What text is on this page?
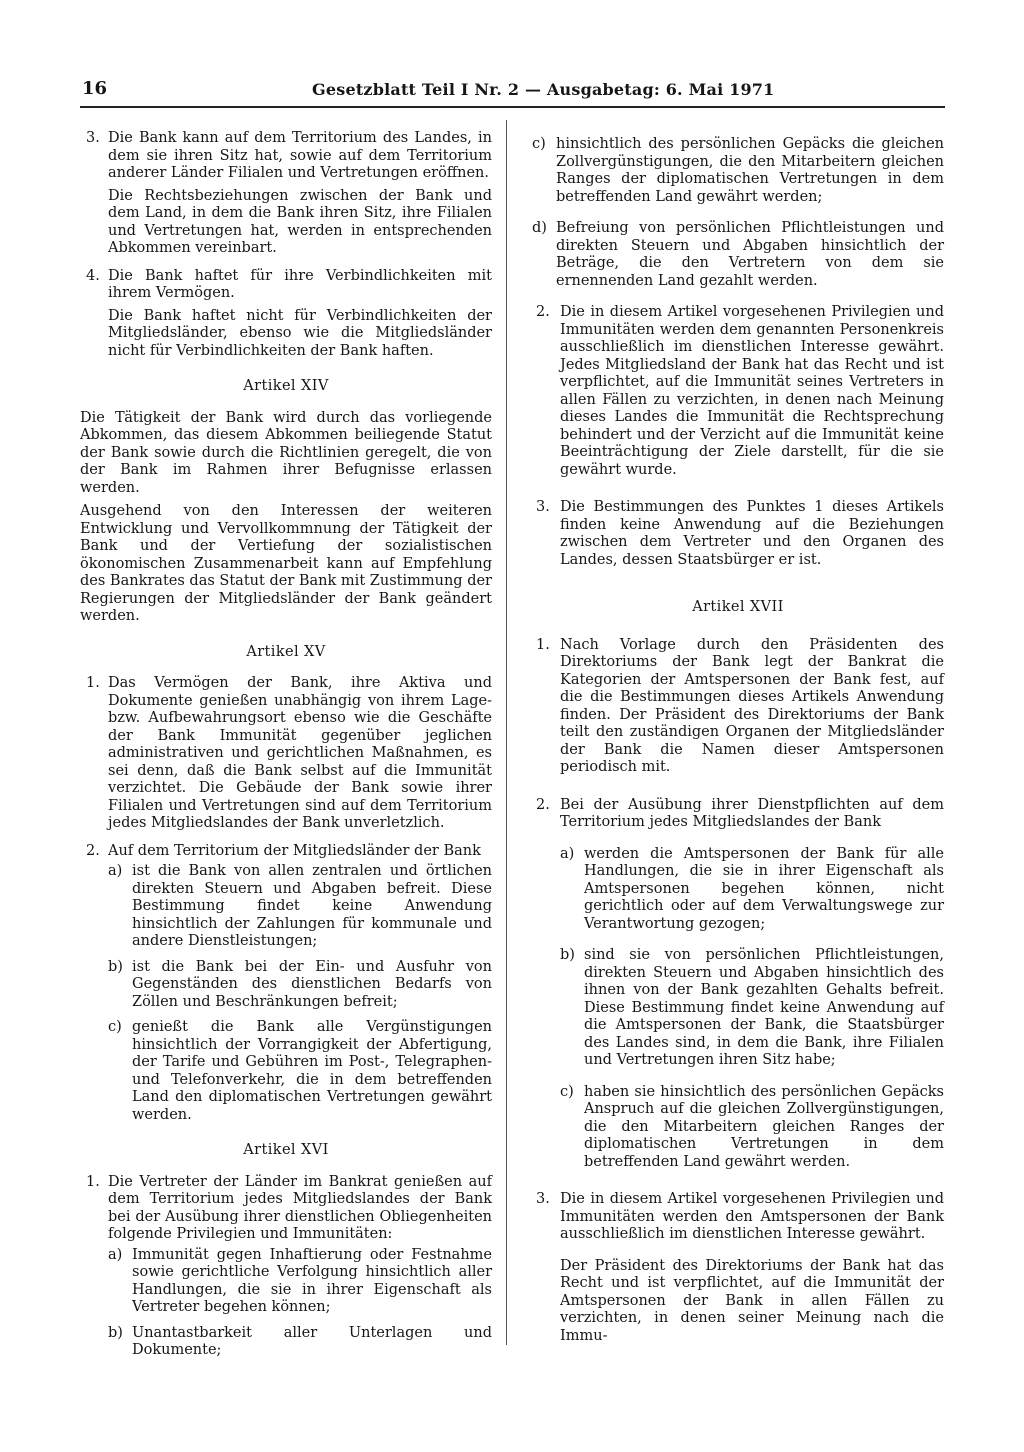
16	Gesetzblatt Teil I Nr. 2 — Ausgabetag: 6. Mai 1971
3. Die Bank kann auf dem Territorium des Landes, in dem sie ihren Sitz hat, sowie auf dem Territorium anderer Länder Filialen und Vertretungen eröffnen.
Die Rechtsbeziehungen zwischen der Bank und dem Land, in dem die Bank ihren Sitz, ihre Filialen und Vertretungen hat, werden in entsprechenden Abkommen vereinbart.
4. Die Bank haftet für ihre Verbindlichkeiten mit ihrem Vermögen.
Die Bank haftet nicht für Verbindlichkeiten der Mitgliedsländer, ebenso wie die Mitgliedsländer nicht für Verbindlichkeiten der Bank haften.
Artikel XIV
Die Tätigkeit der Bank wird durch das vorliegende Abkommen, das diesem Abkommen beiliegende Statut der Bank sowie durch die Richtlinien geregelt, die von der Bank im Rahmen ihrer Befugnisse erlassen werden.
Ausgehend von den Interessen der weiteren Entwicklung und Vervollkommnung der Tätigkeit der Bank und der Vertiefung der sozialistischen ökonomischen Zusammenarbeit kann auf Empfehlung des Bankrates das Statut der Bank mit Zustimmung der Regierungen der Mitgliedsländer der Bank geändert werden.
Artikel XV
1. Das Vermögen der Bank, ihre Aktiva und Dokumente genießen unabhängig von ihrem Lage- bzw. Aufbewahrungsort ebenso wie die Geschäfte der Bank Immunität gegenüber jeglichen administrativen und gerichtlichen Maßnahmen, es sei denn, daß die Bank selbst auf die Immunität verzichtet. Die Gebäude der Bank sowie ihrer Filialen und Vertretungen sind auf dem Territorium jedes Mitgliedslandes der Bank unverletzlich.
2. Auf dem Territorium der Mitgliedsländer der Bank
a) ist die Bank von allen zentralen und örtlichen direkten Steuern und Abgaben befreit. Diese Bestimmung findet keine Anwendung hinsichtlich der Zahlungen für kommunale und andere Dienstleistungen;
b) ist die Bank bei der Ein- und Ausfuhr von Gegenständen des dienstlichen Bedarfs von Zöllen und Beschränkungen befreit;
c) genießt die Bank alle Vergünstigungen hinsichtlich der Vorrangigkeit der Abfertigung, der Tarife und Gebühren im Post-, Telegraphen- und Telefonverkehr, die in dem betreffenden Land den diplomatischen Vertretungen gewährt werden.
Artikel XVI
1. Die Vertreter der Länder im Bankrat genießen auf dem Territorium jedes Mitgliedslandes der Bank bei der Ausübung ihrer dienstlichen Obliegenheiten folgende Privilegien und Immunitäten:
a) Immunität gegen Inhaftierung oder Festnahme sowie gerichtliche Verfolgung hinsichtlich aller Handlungen, die sie in ihrer Eigenschaft als Vertreter begehen können;
b) Unantastbarkeit aller Unterlagen und Dokumente;
c) hinsichtlich des persönlichen Gepäcks die gleichen Zollvergünstigungen, die den Mitarbeitern gleichen Ranges der diplomatischen Vertretungen in dem betreffenden Land gewährt werden;
d) Befreiung von persönlichen Pflichtleistungen und direkten Steuern und Abgaben hinsichtlich der Beträge, die den Vertretern von dem sie ernennenden Land gezahlt werden.
2. Die in diesem Artikel vorgesehenen Privilegien und Immunitäten werden dem genannten Personenkreis ausschließlich im dienstlichen Interesse gewährt. Jedes Mitgliedsland der Bank hat das Recht und ist verpflichtet, auf die Immunität seines Vertreters in allen Fällen zu verzichten, in denen nach Meinung dieses Landes die Immunität die Rechtsprechung behindert und der Verzicht auf die Immunität keine Beeinträchtigung der Ziele darstellt, für die sie gewährt wurde.
3. Die Bestimmungen des Punktes 1 dieses Artikels finden keine Anwendung auf die Beziehungen zwischen dem Vertreter und den Organen des Landes, dessen Staatsbürger er ist.
Artikel XVII
1. Nach Vorlage durch den Präsidenten des Direktoriums der Bank legt der Bankrat die Kategorien der Amtspersonen der Bank fest, auf die die Bestimmungen dieses Artikels Anwendung finden. Der Präsident des Direktoriums der Bank teilt den zuständigen Organen der Mitgliedsländer der Bank die Namen dieser Amtspersonen periodisch mit.
2. Bei der Ausübung ihrer Dienstpflichten auf dem Territorium jedes Mitgliedslandes der Bank
a) werden die Amtspersonen der Bank für alle Handlungen, die sie in ihrer Eigenschaft als Amtspersonen begehen können, nicht gerichtlich oder auf dem Verwaltungswege zur Verantwortung gezogen;
b) sind sie von persönlichen Pflichtleistungen, direkten Steuern und Abgaben hinsichtlich des ihnen von der Bank gezahlten Gehalts befreit. Diese Bestimmung findet keine Anwendung auf die Amtspersonen der Bank, die Staatsbürger des Landes sind, in dem die Bank, ihre Filialen und Vertretungen ihren Sitz habe;
c) haben sie hinsichtlich des persönlichen Gepäcks Anspruch auf die gleichen Zollvergünstigungen, die den Mitarbeitern gleichen Ranges der diplomatischen Vertretungen in dem betreffenden Land gewährt werden.
3. Die in diesem Artikel vorgesehenen Privilegien und Immunitäten werden den Amtspersonen der Bank ausschließlich im dienstlichen Interesse gewährt.
Der Präsident des Direktoriums der Bank hat das Recht und ist verpflichtet, auf die Immunität der Amtspersonen der Bank in allen Fällen zu verzichten, in denen seiner Meinung nach die Immu-
